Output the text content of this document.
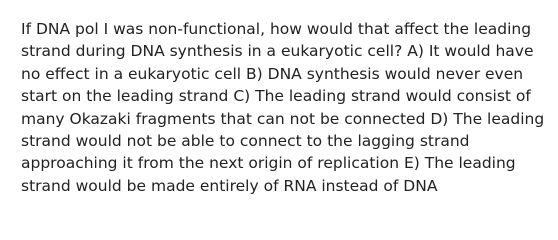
If DNA pol I was non-functional, how would that affect the leading strand during DNA synthesis in a eukaryotic cell? A) It would have no effect in a eukaryotic cell B) DNA synthesis would never even start on the leading strand C) The leading strand would consist of many Okazaki fragments that can not be connected D) The leading strand would not be able to connect to the lagging strand approaching it from the next origin of replication E) The leading strand would be made entirely of RNA instead of DNA
